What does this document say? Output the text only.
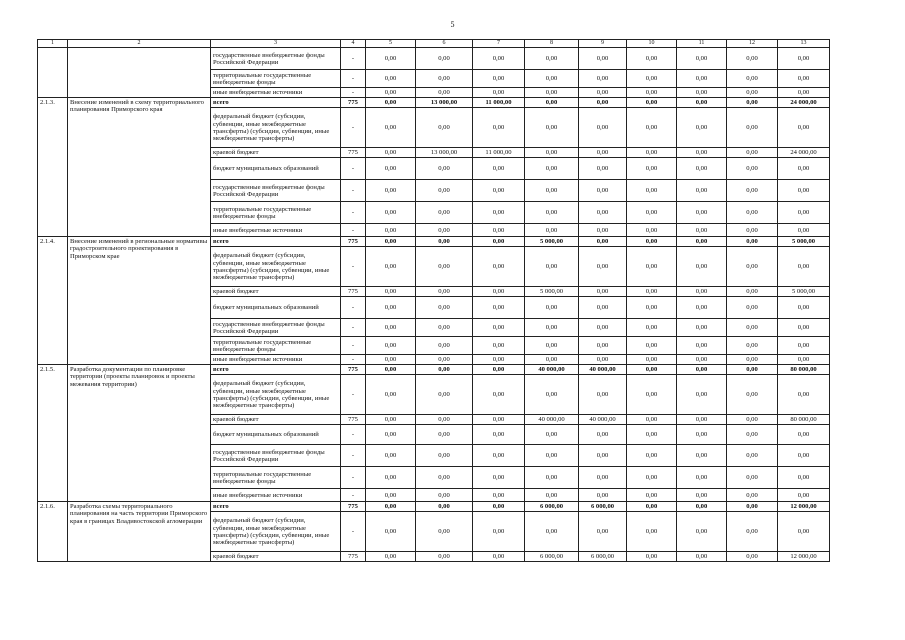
5
1	2	3	4	5	6	7	8	9	10	11	12	13
		государственные внебюджетные фонды Российской Федерации	-	0,00	0,00	0,00	0,00	0,00	0,00	0,00	0,00	0,00
		территориальные государственные внебюджетные фонды	-	0,00	0,00	0,00	0,00	0,00	0,00	0,00	0,00	0,00
		иные внебюджетные источники	-	0,00	0,00	0,00	0,00	0,00	0,00	0,00	0,00	0,00
2.1.3.	Внесение изменений в схему территориального планирования Приморского края	всего	775	0,00	13 000,00	11 000,00	0,00	0,00	0,00	0,00	0,00	24 000,00
		федеральный бюджет (субсидии, субвенции, иные межбюджетные трансферты) (субсидии, субвенции, иные межбюджетные трансферты)	-	0,00	0,00	0,00	0,00	0,00	0,00	0,00	0,00	0,00
		краевой бюджет	775	0,00	13 000,00	11 000,00	0,00	0,00	0,00	0,00	0,00	24 000,00
		бюджет муниципальных образований	-	0,00	0,00	0,00	0,00	0,00	0,00	0,00	0,00	0,00
		государственные внебюджетные фонды Российской Федерации	-	0,00	0,00	0,00	0,00	0,00	0,00	0,00	0,00	0,00
		территориальные государственные внебюджетные фонды	-	0,00	0,00	0,00	0,00	0,00	0,00	0,00	0,00	0,00
		иные внебюджетные источники	-	0,00	0,00	0,00	0,00	0,00	0,00	0,00	0,00	0,00
2.1.4.	Внесение изменений в региональные нормативы градостроительного проектирования в Приморском крае	всего	775	0,00	0,00	0,00	5 000,00	0,00	0,00	0,00	0,00	5 000,00
		федеральный бюджет (субсидии, субвенции, иные межбюджетные трансферты) (субсидии, субвенции, иные межбюджетные трансферты)	-	0,00	0,00	0,00	0,00	0,00	0,00	0,00	0,00	0,00
		краевой бюджет	775	0,00	0,00	0,00	5 000,00	0,00	0,00	0,00	0,00	5 000,00
		бюджет муниципальных образований	-	0,00	0,00	0,00	0,00	0,00	0,00	0,00	0,00	0,00
		государственные внебюджетные фонды Российской Федерации	-	0,00	0,00	0,00	0,00	0,00	0,00	0,00	0,00	0,00
		территориальные государственные внебюджетные фонды	-	0,00	0,00	0,00	0,00	0,00	0,00	0,00	0,00	0,00
		иные внебюджетные источники	-	0,00	0,00	0,00	0,00	0,00	0,00	0,00	0,00	0,00
2.1.5.	Разработка документации по планировке территории (проекты планировок и проекты межевания территории)	всего	775	0,00	0,00	0,00	40 000,00	40 000,00	0,00	0,00	0,00	80 000,00
		федеральный бюджет (субсидии, субвенции, иные межбюджетные трансферты) (субсидии, субвенции, иные межбюджетные трансферты)	-	0,00	0,00	0,00	0,00	0,00	0,00	0,00	0,00	0,00
		краевой бюджет	775	0,00	0,00	0,00	40 000,00	40 000,00	0,00	0,00	0,00	80 000,00
		бюджет муниципальных образований	-	0,00	0,00	0,00	0,00	0,00	0,00	0,00	0,00	0,00
		государственные внебюджетные фонды Российской Федерации	-	0,00	0,00	0,00	0,00	0,00	0,00	0,00	0,00	0,00
		территориальные государственные внебюджетные фонды	-	0,00	0,00	0,00	0,00	0,00	0,00	0,00	0,00	0,00
		иные внебюджетные источники	-	0,00	0,00	0,00	0,00	0,00	0,00	0,00	0,00	0,00
2.1.6.	Разработка схемы территориального планирования на часть территории Приморского края в границах Владивостокской агломерации	всего	775	0,00	0,00	0,00	6 000,00	6 000,00	0,00	0,00	0,00	12 000,00
		федеральный бюджет (субсидии, субвенции, иные межбюджетные трансферты) (субсидии, субвенции, иные межбюджетные трансферты)	-	0,00	0,00	0,00	0,00	0,00	0,00	0,00	0,00	0,00
		краевой бюджет	775	0,00	0,00	0,00	6 000,00	6 000,00	0,00	0,00	0,00	12 000,00
